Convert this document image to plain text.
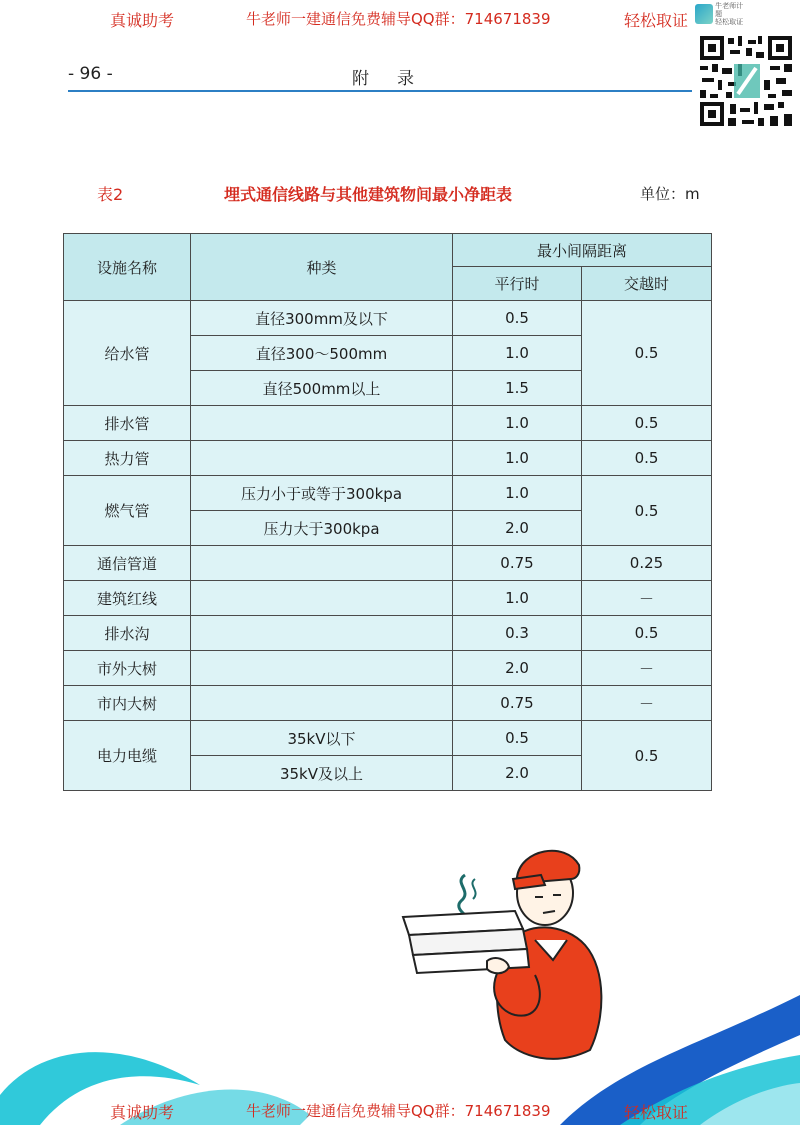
真诚助考	牛老师一建通信免费辅导QQ群：714671839	轻松取证
牛老师计 题
轻松取证
- 96 -	附录
表2	埋式通信线路与其他建筑物间最小净距表	单位：m
设施名称	种类	最小间隔距离	
		平行时	交越时
给水管	直径300mm及以下	0.5	0.5
	直径300～500mm	1.0	
	直径500mm以上	1.5	
排水管		1.0	0.5
热力管		1.0	0.5
燃气管	压力小于或等于300kpa	1.0	0.5
	压力大于300kpa	2.0	
通信管道		0.75	0.25
建筑红线		1.0	－
排水沟		0.3	0.5
市外大树		2.0	－
市内大树		0.75	－
电力电缆	35kV以下	0.5	0.5
	35kV及以上	2.0	
真诚助考	牛老师一建通信免费辅导QQ群：714671839	轻松取证
